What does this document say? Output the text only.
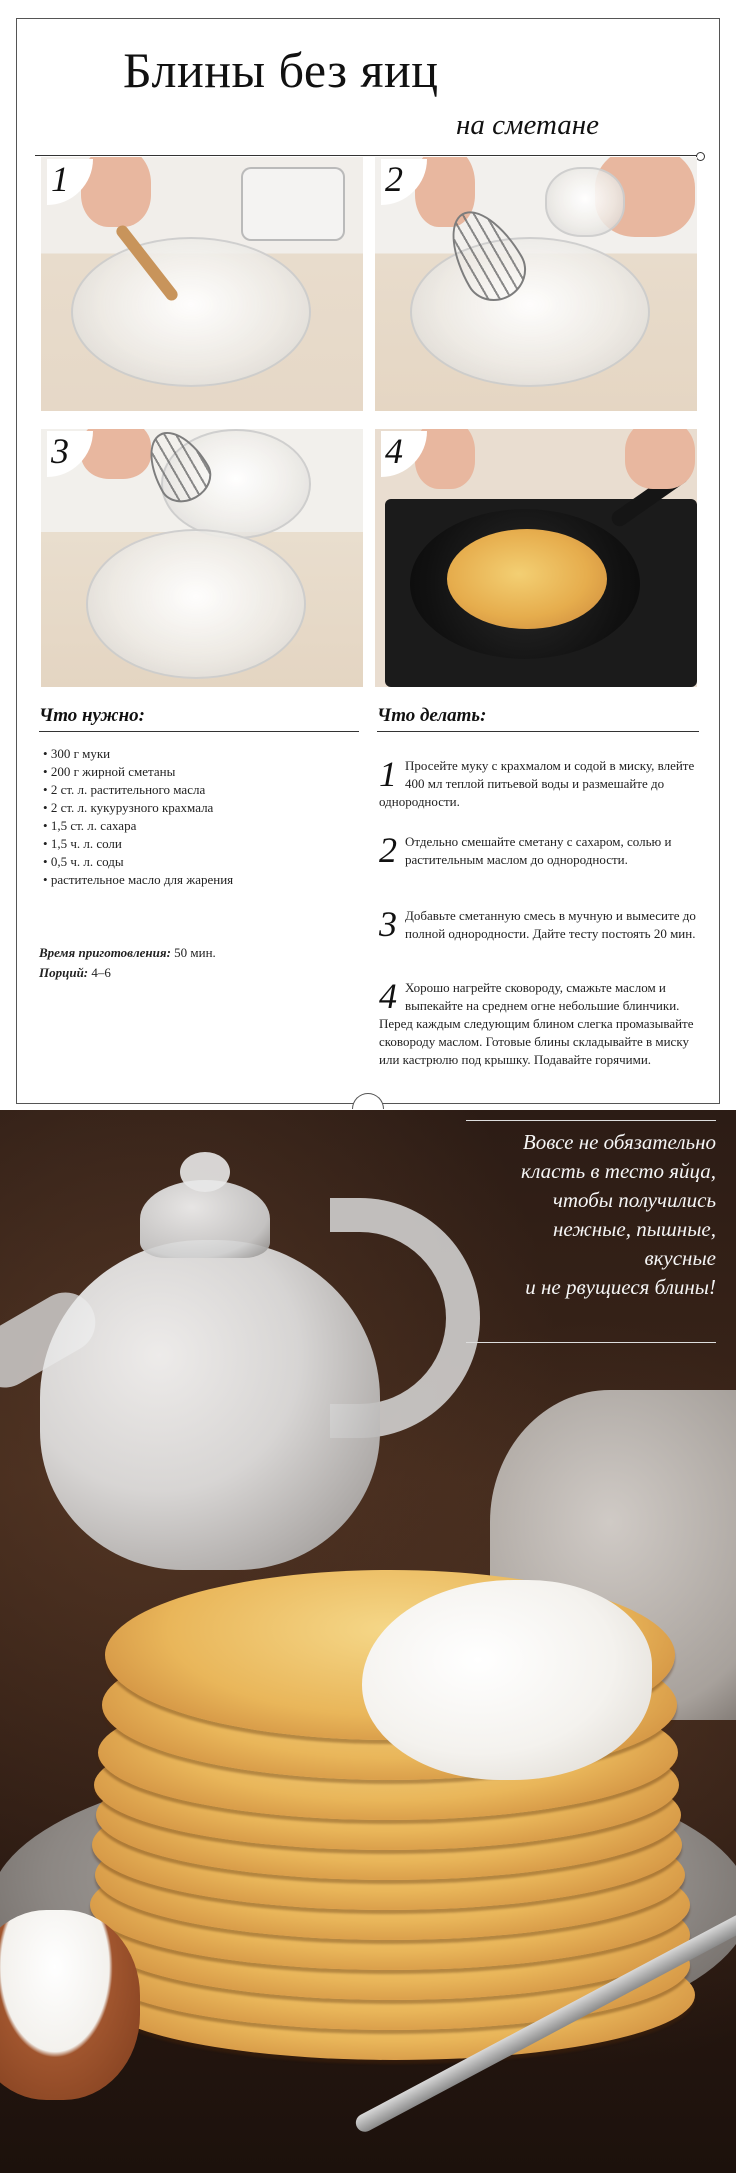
Блины без яиц
на сметане
1	2
3	4
Что нужно:
• 300 г муки
• 200 г жирной сметаны
• 2 ст. л. растительного масла
• 2 ст. л. кукурузного крахмала
• 1,5 ст. л. сахара
• 1,5 ч. л. соли
• 0,5 ч. л. соды
• растительное масло для жарения
Время приготовления: 50 мин.
Порций: 4–6
Что делать:
1 Просейте муку с крахмалом и содой в миску, влейте 400 мл теплой питьевой воды и размешайте до однородности.
2 Отдельно смешайте сметану с сахаром, солью и растительным маслом до однородности.
3 Добавьте сметанную смесь в мучную и вымесите до полной однородности. Дайте тесту постоять 20 мин.
4 Хорошо нагрейте сковороду, смажьте маслом и выпекайте на среднем огне небольшие блинчики. Перед каждым следующим блином слегка промазывайте сковороду маслом. Готовые блины складывайте в миску или кастрюлю под крышку. Подавайте горячими.
Вовсе не обязательно
класть в тесто яйца,
чтобы получились
нежные, пышные,
вкусные
и не рвущиеся блины!
